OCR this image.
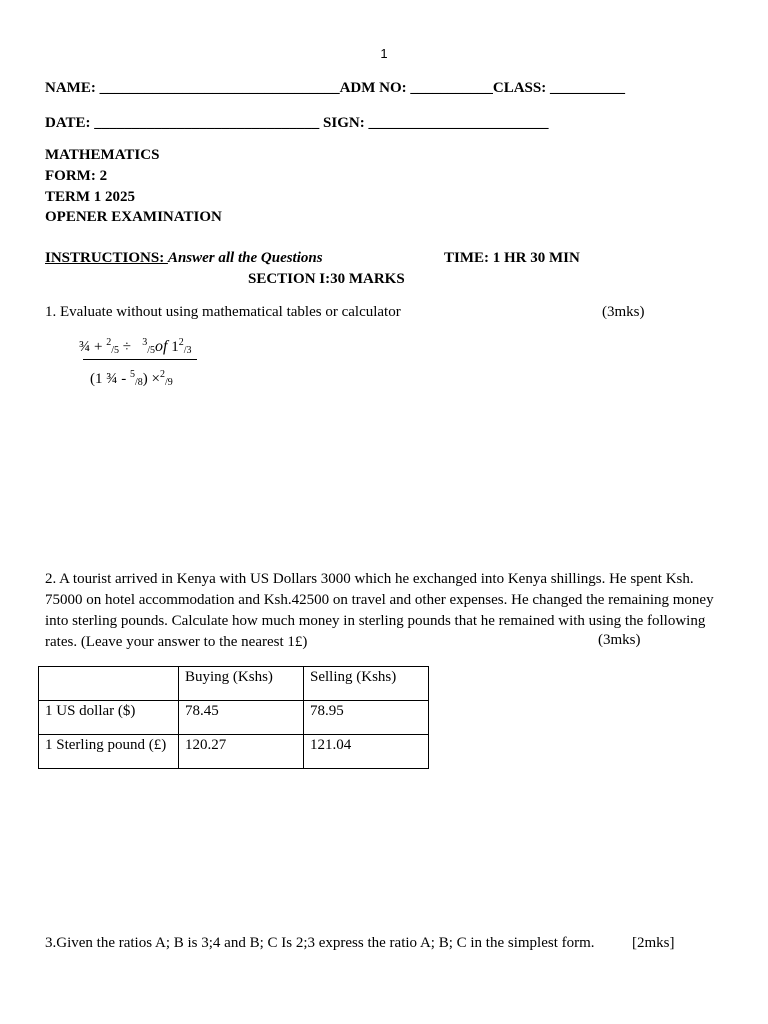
1
NAME: ________________________________ADM NO: ___________CLASS: __________
DATE: ______________________________ SIGN: ________________________
MATHEMATICS
FORM: 2
TERM 1 2025
OPENER EXAMINATION
INSTRUCTIONS: Answer all the Questions	TIME: 1 HR 30 MIN
SECTION I:30 MARKS
1. Evaluate without using mathematical tables or calculator	(3mks)
¾ + $^2_{/5}$ ÷   $^3_{/5}$of $1^2_{/3}$
(1 ¾ - $^5_{/8}$) ×$^2_{/9}$
2. A tourist arrived in Kenya with US Dollars 3000 which he exchanged into Kenya shillings. He spent Ksh. 75000 on hotel accommodation and Ksh.42500 on travel and other expenses. He changed the remaining money into sterling pounds. Calculate how much money in sterling pounds that he remained with using the following rates. (Leave your answer to the nearest 1£)	(3mks)
	Buying (Kshs)	Selling (Kshs)
1 US dollar ($)	78.45	78.95
1 Sterling pound (£)	120.27	121.04
3.Given the ratios A; B is 3;4 and B; C Is 2;3 express the ratio A; B; C in the simplest form. [2mks]
